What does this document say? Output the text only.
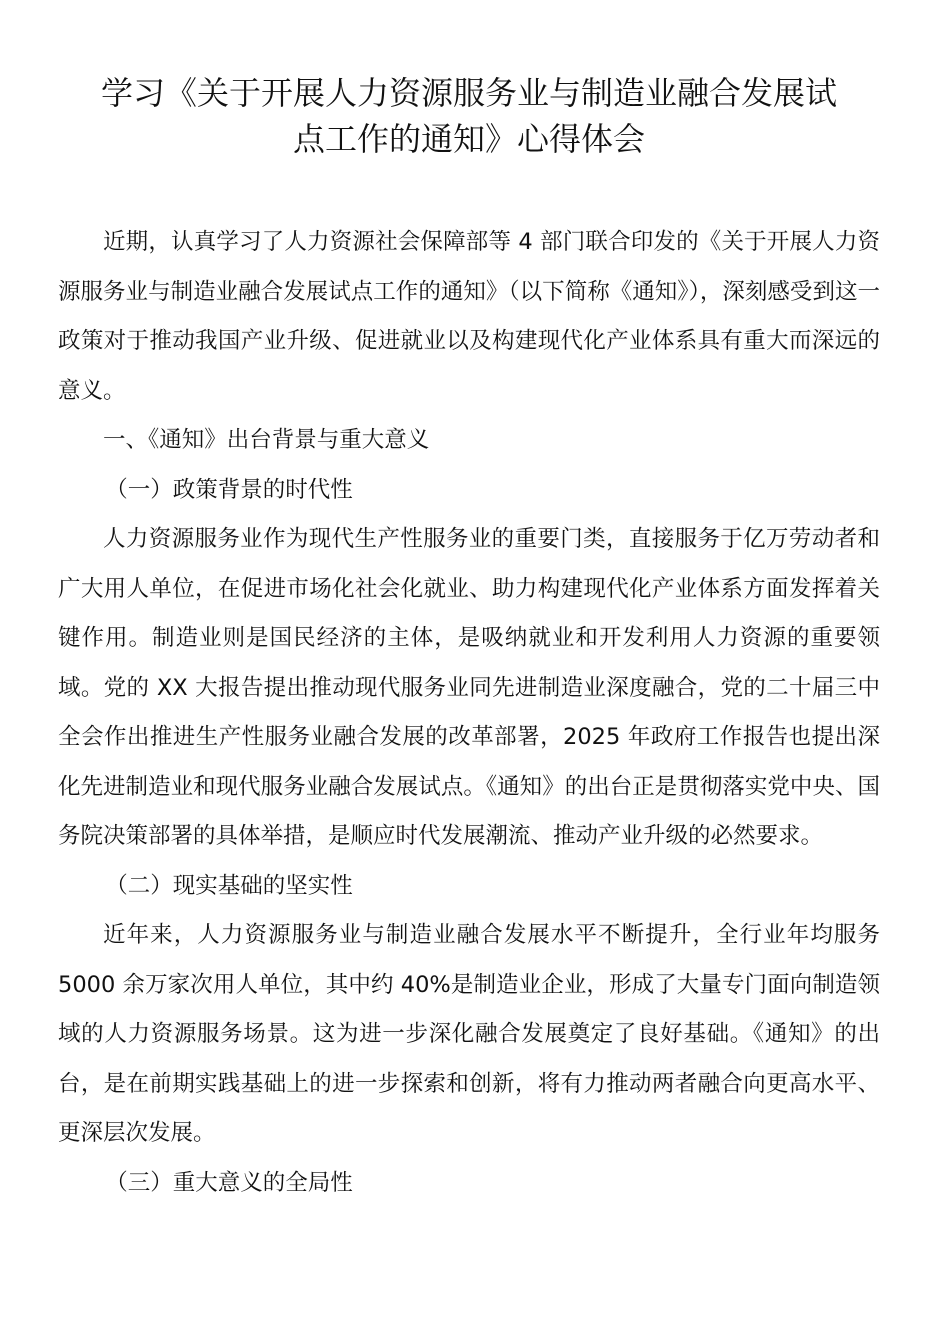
学习《关于开展人力资源服务业与制造业融合发展试
点工作的通知》心得体会

近期，认真学习了人力资源社会保障部等 4 部门联合印发的《关于开展人力资源服务业与制造业融合发展试点工作的通知》（以下简称《通知》），深刻感受到这一政策对于推动我国产业升级、促进就业以及构建现代化产业体系具有重大而深远的意义。

一、《通知》出台背景与重大意义

（一）政策背景的时代性

人力资源服务业作为现代生产性服务业的重要门类，直接服务于亿万劳动者和广大用人单位，在促进市场化社会化就业、助力构建现代化产业体系方面发挥着关键作用。制造业则是国民经济的主体，是吸纳就业和开发利用人力资源的重要领域。党的 XX 大报告提出推动现代服务业同先进制造业深度融合，党的二十届三中全会作出推进生产性服务业融合发展的改革部署，2025 年政府工作报告也提出深化先进制造业和现代服务业融合发展试点。《通知》的出台正是贯彻落实党中央、国务院决策部署的具体举措，是顺应时代发展潮流、推动产业升级的必然要求。

（二）现实基础的坚实性

近年来，人力资源服务业与制造业融合发展水平不断提升，全行业年均服务 5000 余万家次用人单位，其中约 40%是制造业企业，形成了大量专门面向制造领域的人力资源服务场景。这为进一步深化融合发展奠定了良好基础。《通知》的出台，是在前期实践基础上的进一步探索和创新，将有力推动两者融合向更高水平、更深层次发展。

（三）重大意义的全局性
